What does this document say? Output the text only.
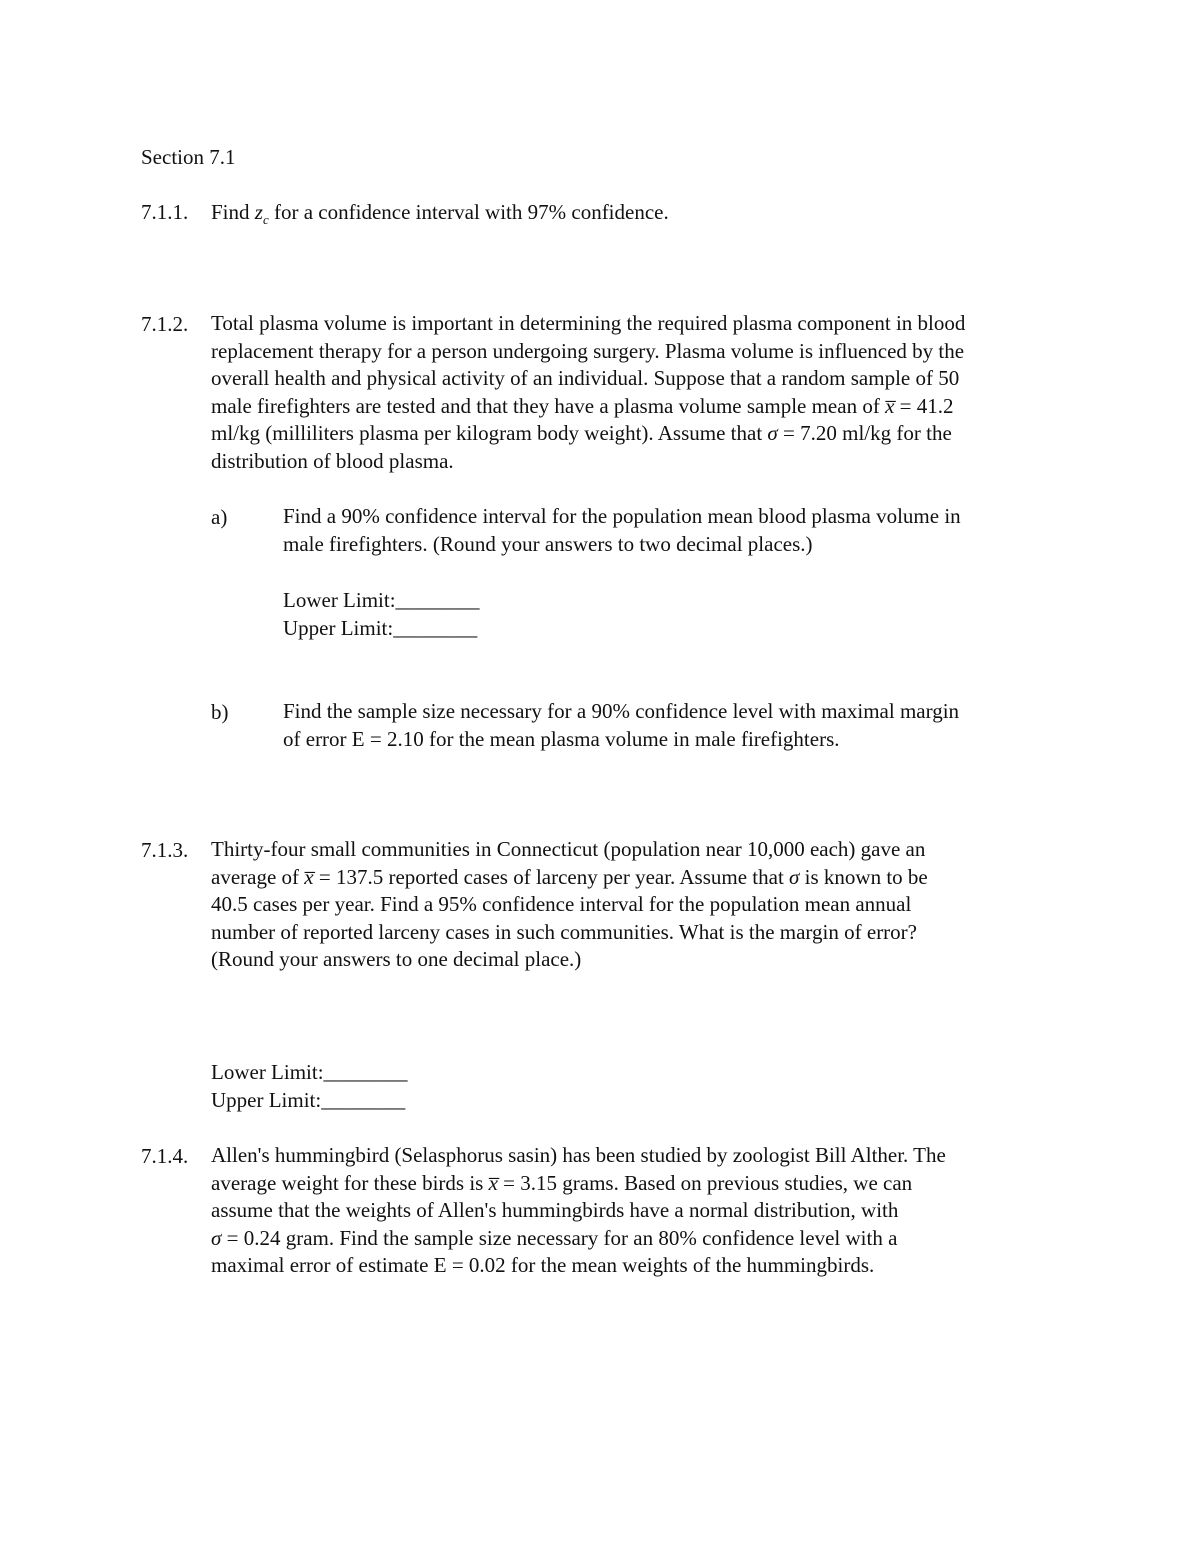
Section 7.1
7.1.1. Find $z_c$ for a confidence interval with 97% confidence.
7.1.2. Total plasma volume is important in determining the required plasma component in blood
replacement therapy for a person undergoing surgery. Plasma volume is influenced by the
overall health and physical activity of an individual. Suppose that a random sample of 50
male firefighters are tested and that they have a plasma volume sample mean of x̅ = 41.2
ml/kg (milliliters plasma per kilogram body weight). Assume that σ = 7.20 ml/kg for the
distribution of blood plasma.
a)	Find a 90% confidence interval for the population mean blood plasma volume in
male firefighters. (Round your answers to two decimal places.)
Lower Limit:________
Upper Limit:________
b)	Find the sample size necessary for a 90% confidence level with maximal margin
of error E = 2.10 for the mean plasma volume in male firefighters.
7.1.3. Thirty-four small communities in Connecticut (population near 10,000 each) gave an
average of x̅ = 137.5 reported cases of larceny per year. Assume that σ is known to be
40.5 cases per year. Find a 95% confidence interval for the population mean annual
number of reported larceny cases in such communities. What is the margin of error?
(Round your answers to one decimal place.)
Lower Limit:________
Upper Limit:________
7.1.4. Allen's hummingbird (Selasphorus sasin) has been studied by zoologist Bill Alther. The
average weight for these birds is x̅ = 3.15 grams. Based on previous studies, we can
assume that the weights of Allen's hummingbirds have a normal distribution, with
σ = 0.24 gram. Find the sample size necessary for an 80% confidence level with a
maximal error of estimate E = 0.02 for the mean weights of the hummingbirds.
